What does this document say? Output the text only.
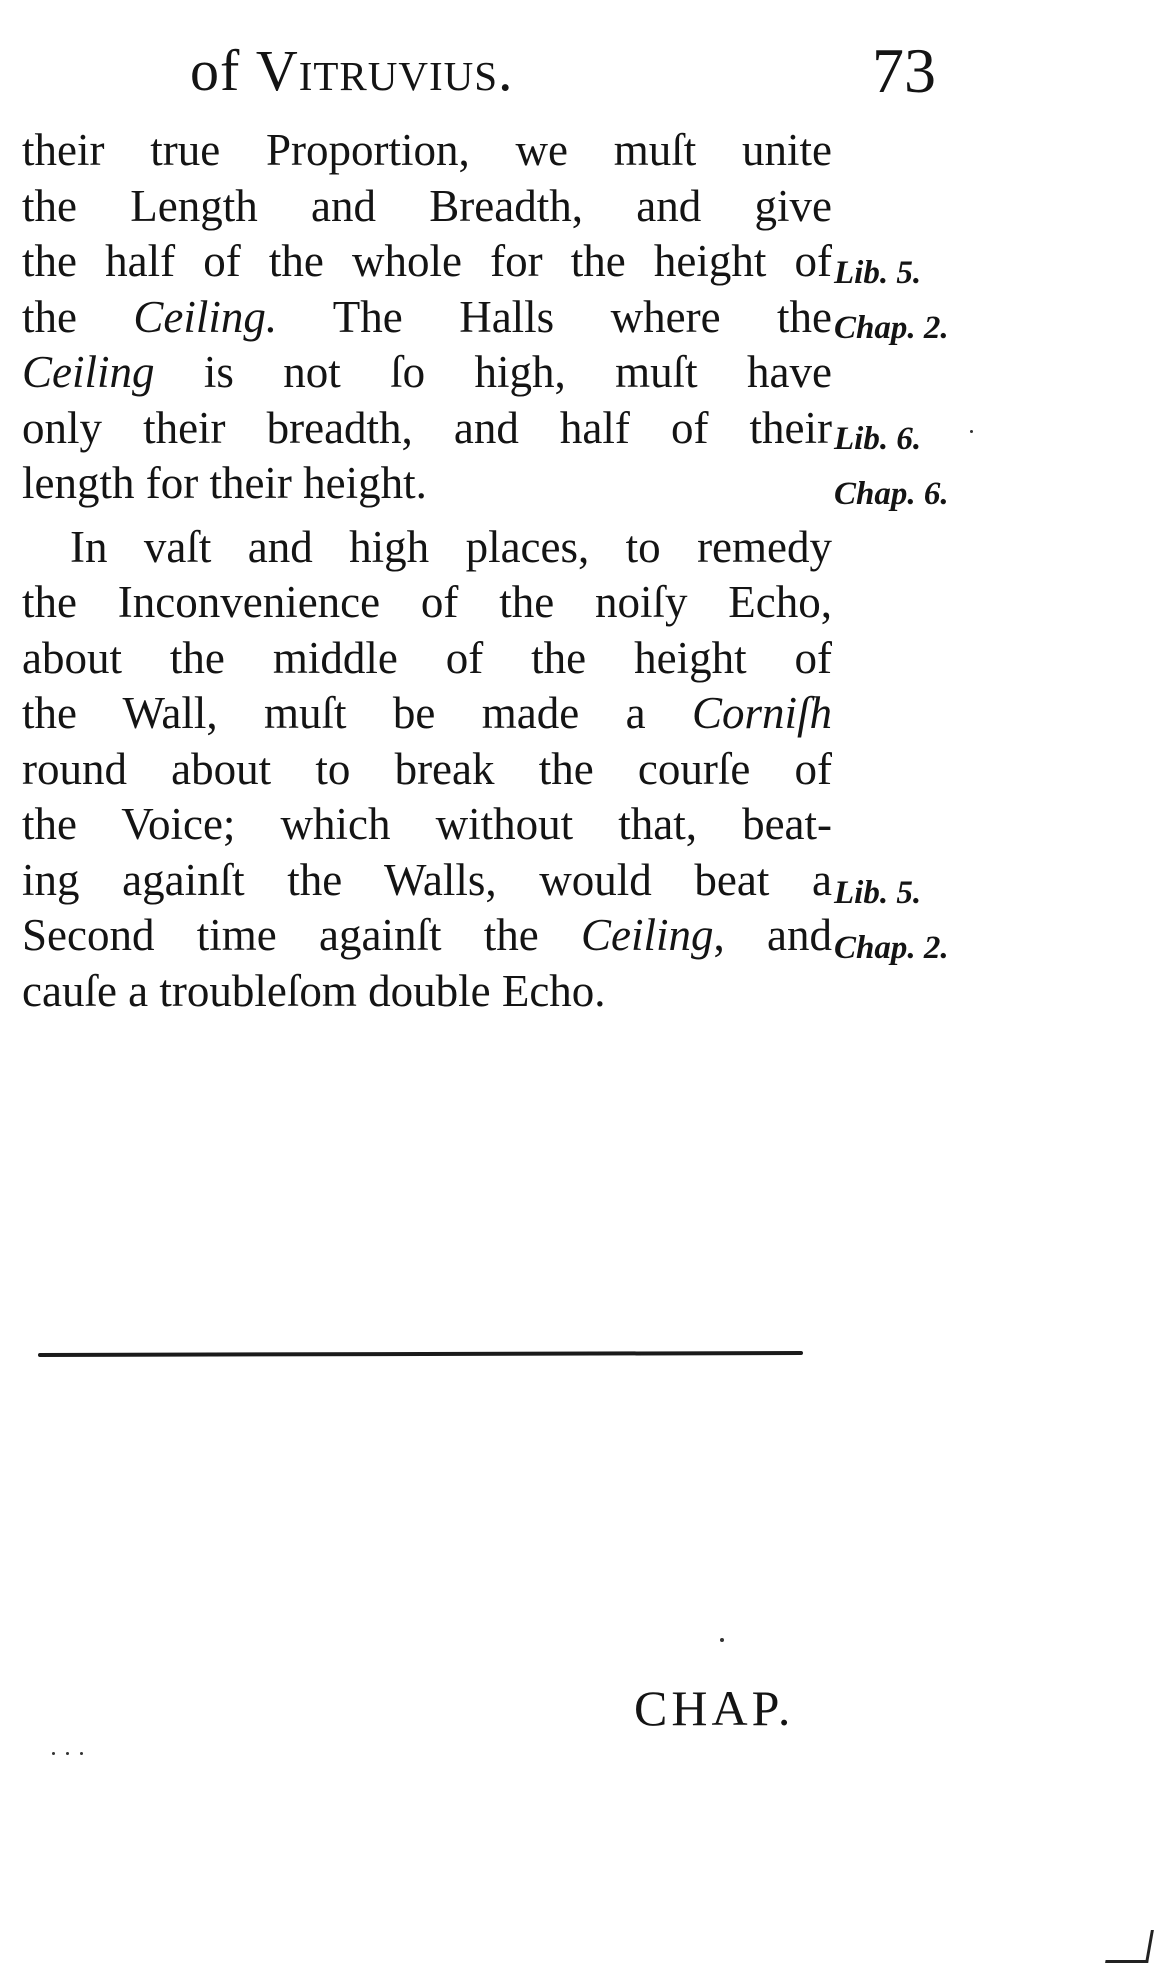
of Vitruvius.	73
their true Proportion, we muſt unite
the Length and Breadth, and give
the half of the whole for the height of
the Ceiling. The Halls where the
Ceiling is not ſo high, muſt have
only their breadth, and half of their
length for their height.
In vaſt and high places, to remedy
the Inconvenience of the noiſy Echo,
about the middle of the height of
the Wall, muſt be made a Corniſh
round about to break the courſe of
the Voice; which without that, beat-
ing againſt the Walls, would beat a
Second time againſt the Ceiling, and
cauſe a troubleſom double Echo.
Lib. 5.
Chap. 2.
Lib. 6.
Chap. 6.
Lib. 5.
Chap. 2.
CHAP.
